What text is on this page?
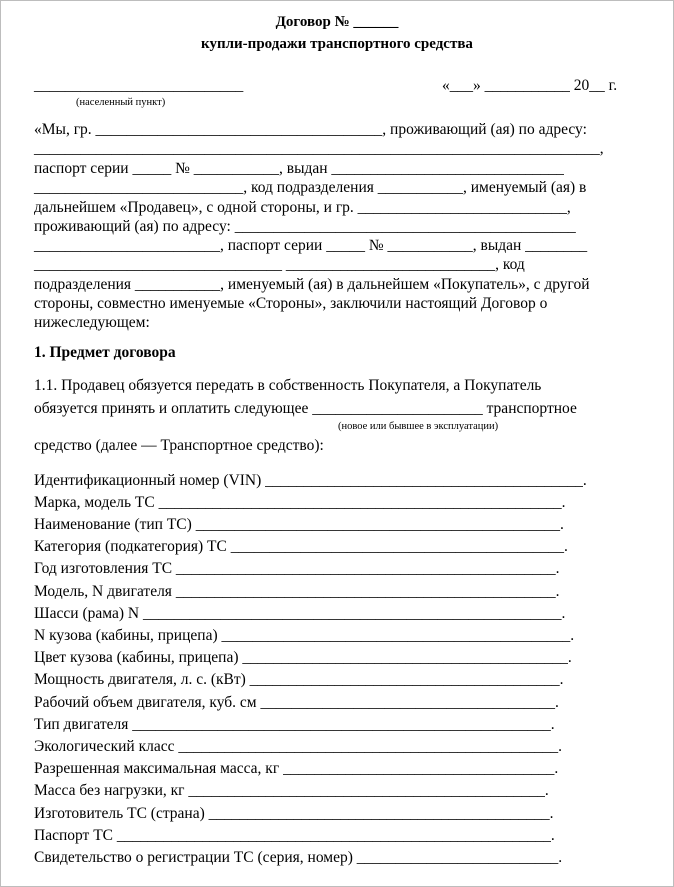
Договор № ______
купли-продажи транспортного средства
___________________________
(населенный пункт)
«___» ___________ 20__ г.
«Мы, гр. _____________________________________, проживающий (ая) по адресу:
_________________________________________________________________________,
паспорт серии _____ № ___________, выдан ______________________________
___________________________, код подразделения ___________, именуемый (ая) в
дальнейшем «Продавец», с одной стороны, и гр. ___________________________,
проживающий (ая) по адресу: ____________________________________________
________________________, паспорт серии _____ № ___________, выдан ________
________________________________ ___________________________, код
подразделения ___________, именуемый (ая) в дальнейшем «Покупатель», с другой
стороны, совместно именуемые «Стороны», заключили настоящий Договор о
нижеследующем:
1. Предмет договора
1.1. Продавец обязуется передать в собственность Покупателя, а Покупатель
обязуется принять и оплатить следующее ______________________ транспортное
(новое или бывшее в эксплуатации)
средство (далее — Транспортное средство):
Идентификационный номер (VIN) _________________________________________.
Марка, модель ТС ____________________________________________________.
Наименование (тип ТС) _______________________________________________.
Категория (подкатегория) ТС ___________________________________________.
Год изготовления ТС _________________________________________________.
Модель, N двигателя _________________________________________________.
Шасси (рама) N ______________________________________________________.
N кузова (кабины, прицепа) _____________________________________________.
Цвет кузова (кабины, прицепа) __________________________________________.
Мощность двигателя, л. с. (кВт) ________________________________________.
Рабочий объем двигателя, куб. см ______________________________________.
Тип двигателя ______________________________________________________.
Экологический класс _________________________________________________.
Разрешенная максимальная масса, кг ___________________________________.
Масса без нагрузки, кг ______________________________________________.
Изготовитель ТС (страна) ____________________________________________.
Паспорт ТС ________________________________________________________.
Свидетельство о регистрации ТС (серия, номер) __________________________.
